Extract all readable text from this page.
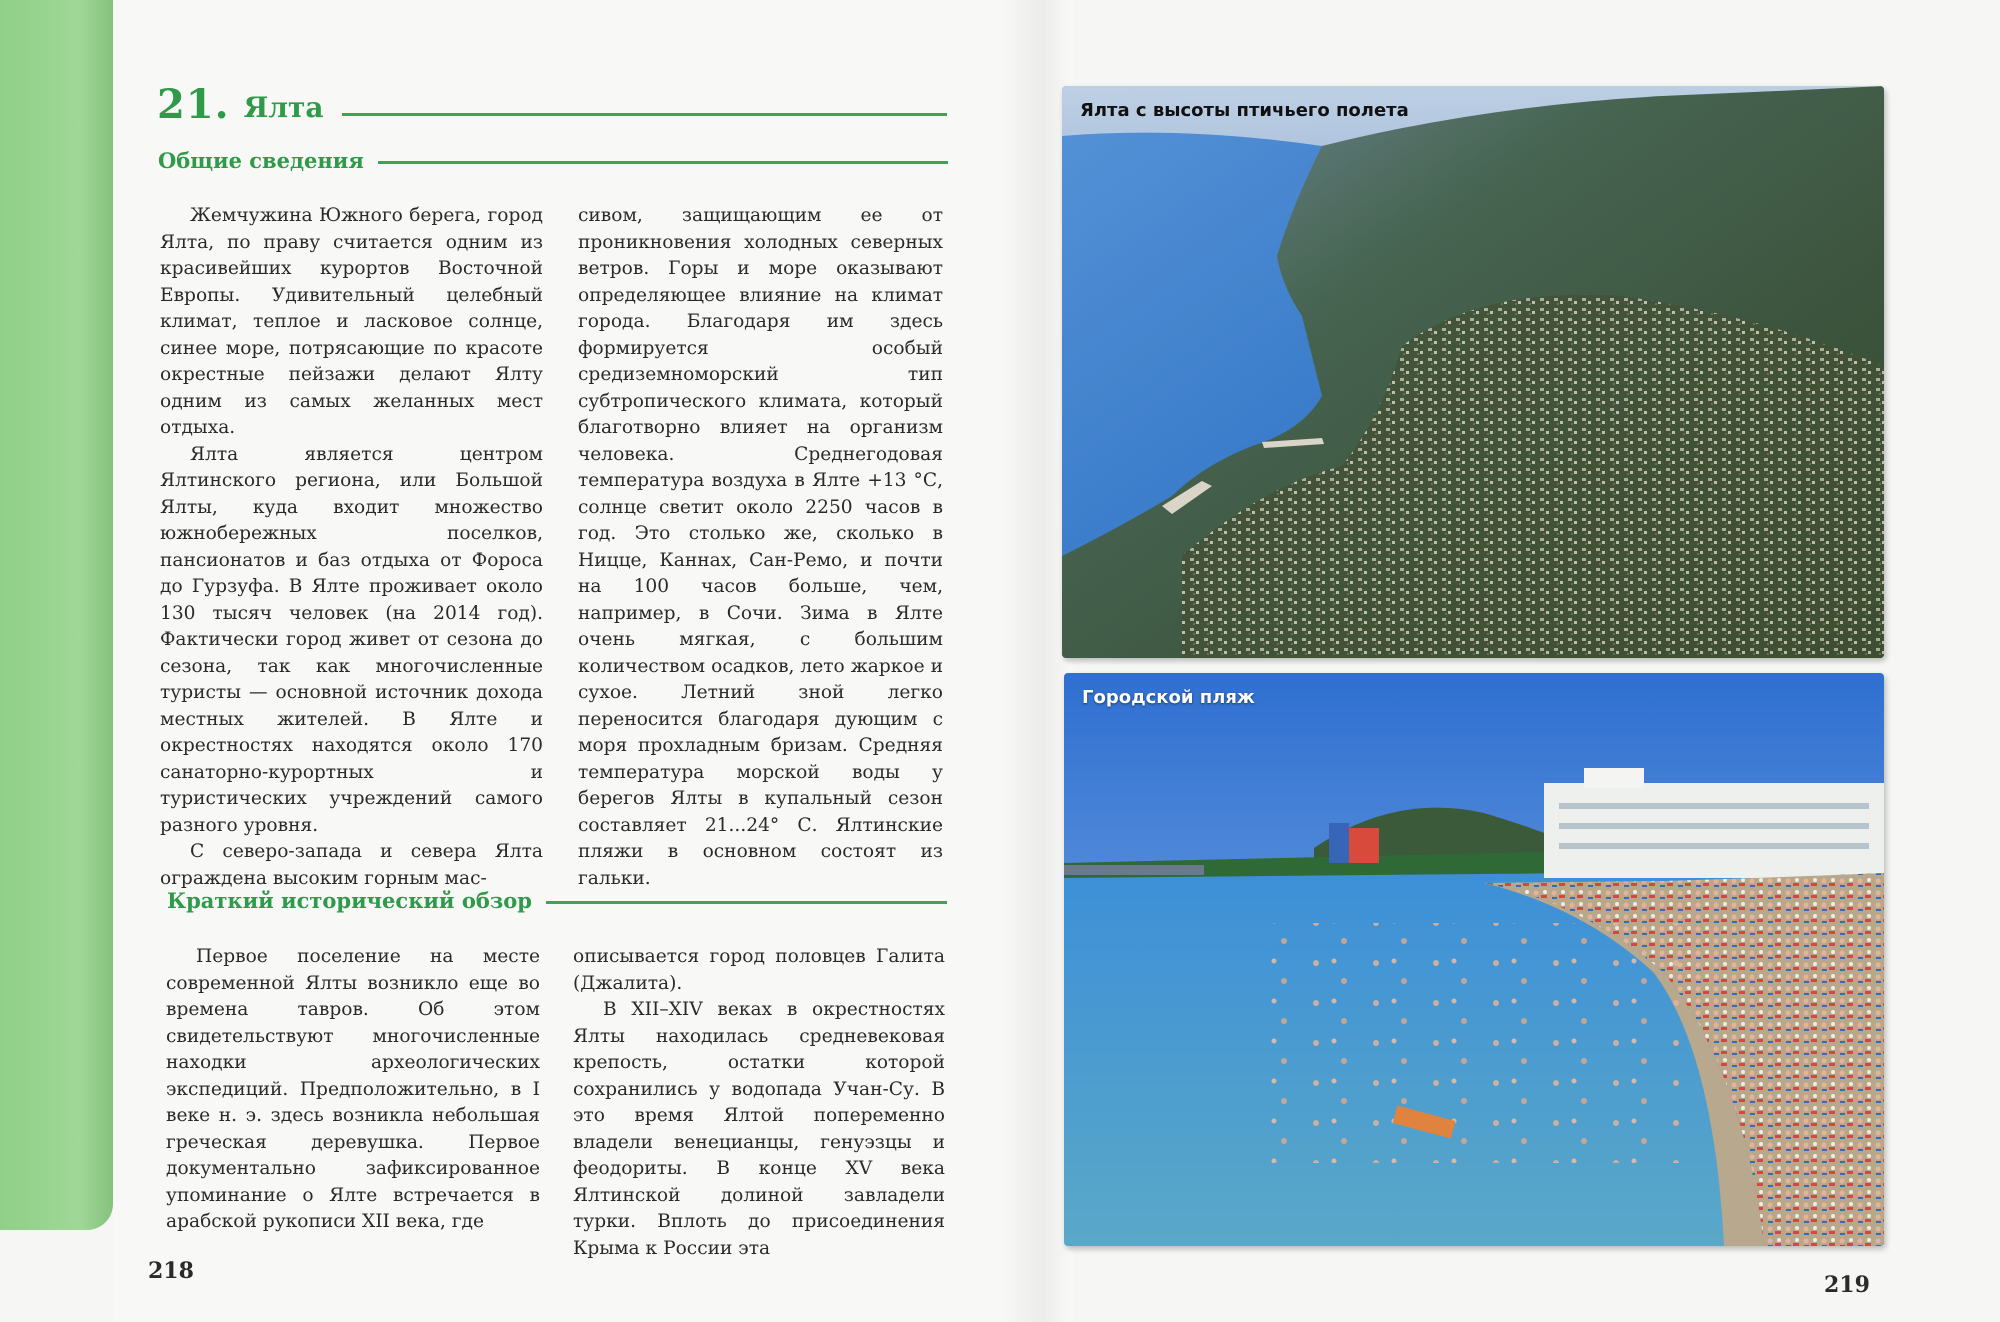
21. Ялта
Общие сведения

Жемчужина Южного берега, город Ялта, по праву считается одним из красивейших курортов Восточной Европы. Удивительный целебный климат, теплое и ласковое солнце, синее море, потрясающие по красоте окрестные пейзажи делают Ялту одним из самых желанных мест отдыха.

Ялта является центром Ялтинского региона, или Большой Ялты, куда входит множество южнобережных поселков, пансионатов и баз отдыха от Фороса до Гурзуфа. В Ялте проживает около 130 тысяч человек (на 2014 год). Фактически город живет от сезона до сезона, так как многочисленные туристы — основной источник дохода местных жителей. В Ялте и окрестностях находятся около 170 санаторно-курортных и туристических учреждений самого разного уровня.

С северо-запада и севера Ялта ограждена высоким горным мас-

сивом, защищающим ее от проникновения холодных северных ветров. Горы и море оказывают определяющее влияние на климат города. Благодаря им здесь формируется особый средиземноморский тип субтропического климата, который благотворно влияет на организм человека. Среднегодовая температура воздуха в Ялте +13 °С, солнце светит около 2250 часов в год. Это столько же, сколько в Ницце, Каннах, Сан-Ремо, и почти на 100 часов больше, чем, например, в Сочи. Зима в Ялте очень мягкая, с большим количеством осадков, лето жаркое и сухое. Летний зной легко переносится благодаря дующим с моря прохладным бризам. Средняя температура морской воды у берегов Ялты в купальный сезон составляет 21...24° С. Ялтинские пляжи в основном состоят из гальки.

Краткий исторический обзор

Первое поселение на месте современной Ялты возникло еще во времена тавров. Об этом свидетельствуют многочисленные находки археологических экспедиций. Предположительно, в I веке н. э. здесь возникла небольшая греческая деревушка. Первое документально зафиксированное упоминание о Ялте встречается в арабской рукописи XII века, где

описывается город половцев Галита (Джалита).

В XII–XIV веках в окрестностях Ялты находилась средневековая крепость, остатки которой сохранились у водопада Учан-Су. В это время Ялтой попеременно владели венецианцы, генуэзцы и феодориты. В конце XV века Ялтинской долиной завладели турки. Вплоть до присоединения Крыма к России эта

218
219
Ялта с высоты птичьего полета
Городской пляж
